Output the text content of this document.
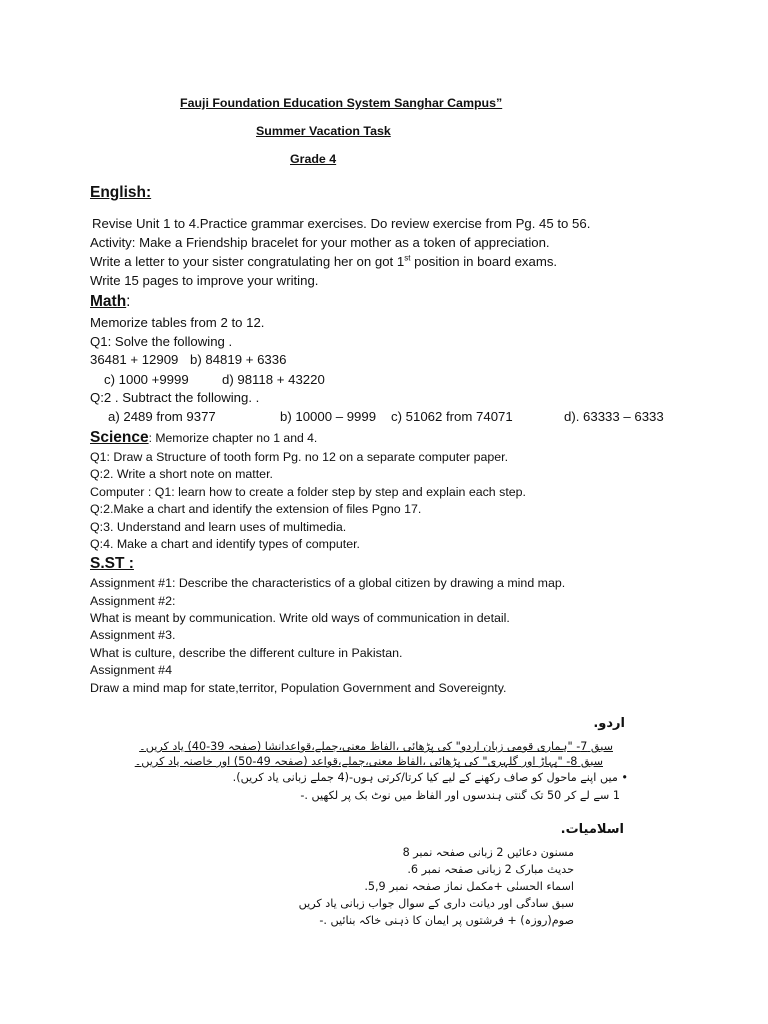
Fauji Foundation Education System Sanghar Campus”
Summer Vacation Task
Grade 4
English:
Revise Unit 1 to 4.Practice grammar exercises. Do review exercise from Pg. 45 to 56.
Activity: Make a Friendship bracelet for your mother as a token of appreciation.
Write a letter to your sister congratulating her on got 1st position in board exams.
Write 15 pages to improve your writing.
Math:
Memorize tables from 2 to 12.
Q1: Solve the following .
36481 + 12909 b) 84819 + 6336
c) 1000 +9999	d) 98118 + 43220
Q:2 . Subtract the following. .
a) 2489 from 9377	b) 10000 – 9999 c) 51062 from 74071	d). 63333 – 6333
Science: Memorize chapter no 1 and 4.
Q1: Draw a Structure of tooth form Pg. no 12 on a separate computer paper.
Q:2. Write a short note on matter.
Computer : Q1: learn how to create a folder step by step and explain each step.
Q:2.Make a chart and identify the extension of files Pgno 17.
Q:3. Understand and learn uses of multimedia.
Q:4. Make a chart and identify types of computer.
S.ST :
Assignment #1: Describe the characteristics of a global citizen by drawing a mind map.
Assignment #2:
What is meant by communication. Write old ways of communication in detail.
Assignment #3.
What is culture, describe the different culture in Pakistan.
Assignment #4
Draw a mind map for state,territor, Population Government and Sovereignty.
اردو.
سبق 7- "ہماری قومی زبان اردو" کی پڑھائی ،الفاظ معنی،جملے،قواعدانشا (صفحہ 39-40) یاد کریں۔
سبق 8- "پہاڑ اور گلہری" کی پڑھائی ،الفاظ معنی،جملے،قواعد (صفحہ 49-50) اور خاصنہ یاد کریں۔
• میں اپنے ماحول کو صاف رکھنے کے لیے کیا کرتا/کرتی ہوں-(4 جملے زبانی یاد کریں).
1 سے لے کر 50 تک گنتی ہندسوں اور الفاظ میں نوٹ بک پر لکھیں .-
اسلامیات.
مسنون دعائیں 2 زبانی صفحہ نمبر 8
حدیث مبارک 2 زبانی صفحہ نمبر 6.
اسماء الحسنٰی +مکمل نماز صفحہ نمبر 5,9.
سبق سادگی اور دیانت داری کے سوال جواب زبانی یاد کریں
صوم(روزہ) + فرشتوں پر ایمان کا ذہنی خاکہ بنائیں .-
